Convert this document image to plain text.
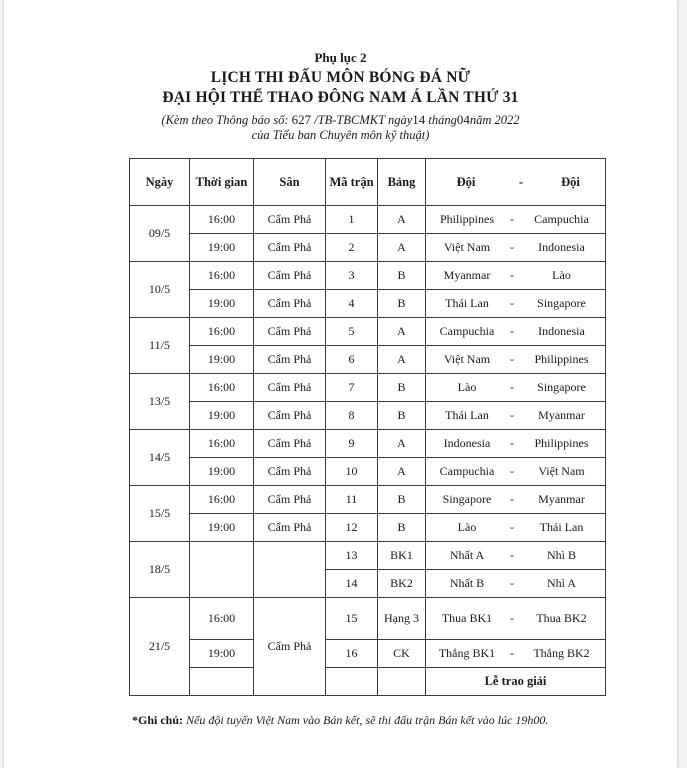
Phụ lục 2
LỊCH THI ĐẤU MÔN BÓNG ĐÁ NỮ
ĐẠI HỘI THỂ THAO ĐÔNG NAM Á LẦN THỨ 31
(Kèm theo Thông báo số: 627 /TB-TBCMKT ngày14 tháng04năm 2022
của Tiểu ban Chuyên môn kỹ thuật)
Ngày	Thời gian	Sân	Mã trận	Bảng	Đội - Đội

09/5	16:00	Cẩm Phả	1	A	Philippines - Campuchia

	19:00	Cẩm Phả	2	A	Việt Nam - Indonesia

10/5	16:00	Cẩm Phả	3	B	Myanmar - Lào

	19:00	Cẩm Phả	4	B	Thái Lan - Singapore

11/5	16:00	Cẩm Phả	5	A	Campuchia - Indonesia

	19:00	Cẩm Phả	6	A	Việt Nam - Philippines

13/5	16:00	Cẩm Phả	7	B	Lào - Singapore

	19:00	Cẩm Phả	8	B	Thái Lan - Myanmar

14/5	16:00	Cẩm Phả	9	A	Indonesia - Philippines

	19:00	Cẩm Phả	10	A	Campuchia - Việt Nam

15/5	16:00	Cẩm Phả	11	B	Singapore - Myanmar

	19:00	Cẩm Phả	12	B	Lào - Thái Lan

18/5			13	BK1	Nhất A - Nhì B

			14	BK2	Nhất B - Nhì A

21/5	16:00	Cẩm Phả	15	Hạng 3	Thua BK1 - Thua BK2

	19:00		16	CK	Thắng BK1 - Thắng BK2

					Lễ trao giải
*Ghi chú: Nếu đội tuyển Việt Nam vào Bán kết, sẽ thi đấu trận Bán kết vào lúc 19h00.
